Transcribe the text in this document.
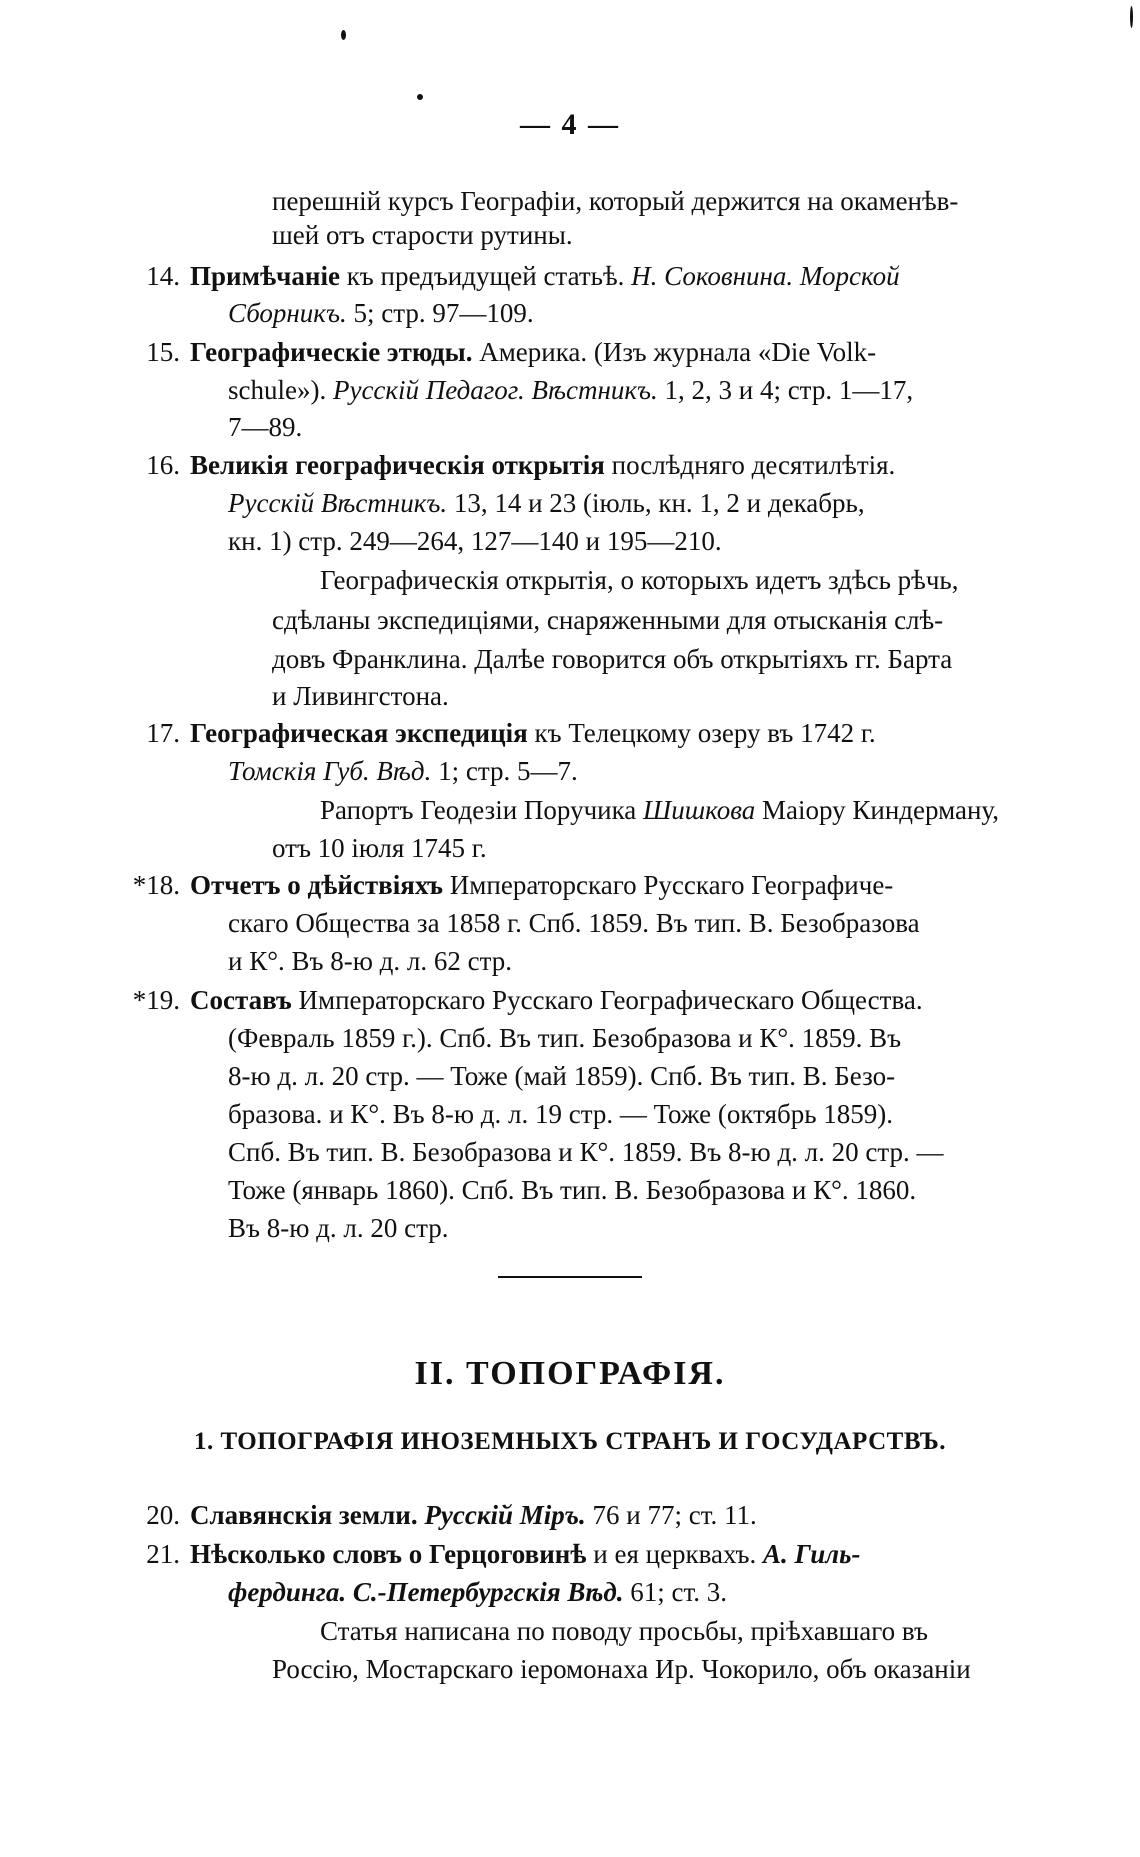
— 4 —
перешній курсъ Географіи, который держится на окаменѣв-
шей отъ старости рутины.
14. Примѣчаніе къ предъидущей статьѣ. Н. Соковнина. Морской
Сборникъ. 5; стр. 97—109.
15. Географическіе этюды. Америка. (Изъ журнала «Die Volk-
schule»). Русскій Педагог. Вѣстникъ. 1, 2, 3 и 4; стр. 1—17,
7—89.
16. Великія географическія открытія послѣдняго десятилѣтія.
Русскій Вѣстникъ. 13, 14 и 23 (іюль, кн. 1, 2 и декабрь,
кн. 1) стр. 249—264, 127—140 и 195—210.
Географическія открытія, о которыхъ идетъ здѣсь рѣчь,
сдѣланы экспедиціями, снаряженными для отысканія слѣ-
довъ Франклина. Далѣе говорится объ открытіяхъ гг. Барта
и Ливингстона.
17. Географическая экспедиція къ Телецкому озеру въ 1742 г.
Томскія Губ. Вѣд. 1; стр. 5—7.
Рапортъ Геодезіи Поручика Шишкова Маіору Киндерману,
отъ 10 іюля 1745 г.
*18. Отчетъ о дѣйствіяхъ Императорскаго Русскаго Географиче-
скаго Общества за 1858 г. Спб. 1859. Въ тип. В. Безобразова
и К°. Въ 8-ю д. л. 62 стр.
*19. Составъ Императорскаго Русскаго Географическаго Общества.
(Февраль 1859 г.). Спб. Въ тип. Безобразова и К°. 1859. Въ
8-ю д. л. 20 стр. — Тоже (май 1859). Спб. Въ тип. В. Безо-
бразова. и К°. Въ 8-ю д. л. 19 стр. — Тоже (октябрь 1859).
Спб. Въ тип. В. Безобразова и К°. 1859. Въ 8-ю д. л. 20 стр. —
Тоже (январь 1860). Спб. Въ тип. В. Безобразова и К°. 1860.
Въ 8-ю д. л. 20 стр.
II. ТОПОГРАФІЯ.
1. ТОПОГРАФІЯ ИНОЗЕМНЫХЪ СТРАНЪ И ГОСУДАРСТВЪ.
20. Славянскія земли. Русскій Міръ. 76 и 77; ст. 11.
21. Нѣсколько словъ о Герцоговинѣ и ея церквахъ. А. Гиль-
фердинга. С.-Петербургскія Вѣд. 61; ст. 3.
Статья написана по поводу просьбы, пріѣхавшаго въ
Россію, Мостарскаго іеромонаха Ир. Чокорило, объ оказаніи
